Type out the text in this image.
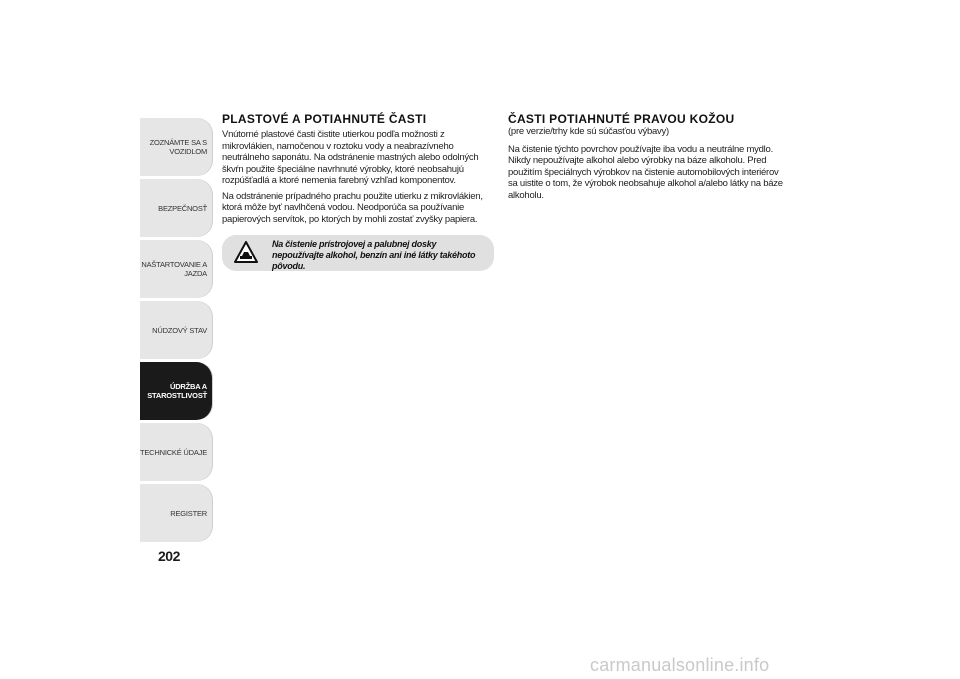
ZOZNÁMTE SA S
VOZIDLOM
BEZPEČNOSŤ
NAŠTARTOVANIE A
JAZDA
NÚDZOVÝ STAV
ÚDRŽBA A
STAROSTLIVOSŤ
TECHNICKÉ ÚDAJE
REGISTER
202
PLASTOVÉ A POTIAHNUTÉ ČASTI

Vnútorné plastové časti čistite utierkou podľa možnosti z mikrovlákien, namočenou v roztoku vody a neabrazívneho neutrálneho saponátu. Na odstránenie mastných alebo odolných škvŕn použite špeciálne navrhnuté výrobky, ktoré neobsahujú rozpúšťadlá a ktoré nemenia farebný vzhľad komponentov.

Na odstránenie prípadného prachu použite utierku z mikrovlákien, ktorá môže byť navlhčená vodou. Neodporúča sa používanie papierových servítok, po ktorých by mohli zostať zvyšky papiera.

Na čistenie prístrojovej a palubnej dosky nepoužívajte alkohol, benzín ani iné látky takéhoto pôvodu.
ČASTI POTIAHNUTÉ PRAVOU KOŽOU

(pre verzie/trhy kde sú súčasťou výbavy)

Na čistenie týchto povrchov používajte iba vodu a neutrálne mydlo. Nikdy nepoužívajte alkohol alebo výrobky na báze alkoholu. Pred použitím špeciálnych výrobkov na čistenie automobilových interiérov sa uistite o tom, že výrobok neobsahuje alkohol a/alebo látky na báze alkoholu.

carmanualsonline.info
